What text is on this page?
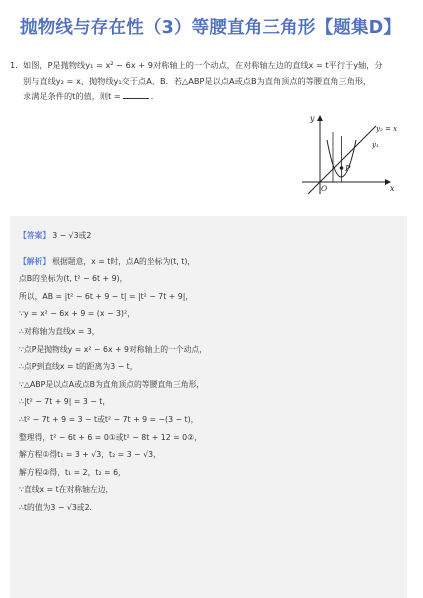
抛物线与存在性（3）等腰直角三角形【题集D】
1. 如图，P是抛物线y₁ = x² − 6x + 9对称轴上的一个动点，在对称轴左边的直线x = t平行于y轴，分
别与直线y₂ = x、抛物线y₁交于点A、B．若△ABP是以点A或点B为直角顶点的等腰直角三角形，
求满足条件的t的值，则t =	．
y
x
O
y₂ = x
y₁
P
【答案】 3 − √3或2
【解析】 根据题意，x = t时，点A的坐标为(t, t)，
点B的坐标为(t, t² − 6t + 9)，
所以，AB = |t² − 6t + 9 − t| = |t² − 7t + 9|，
∵y = x² − 6x + 9 = (x − 3)²，
∴对称轴为直线x = 3，
∵点P是抛物线y = x² − 6x + 9对称轴上的一个动点，
∴点P到直线x = t的距离为3 − t，
∵△ABP是以点A或点B为直角顶点的等腰直角三角形，
∴|t² − 7t + 9| = 3 − t，
∴t² − 7t + 9 = 3 − t或t² − 7t + 9 = −(3 − t)，
整理得，t² − 6t + 6 = 0①或t² − 8t + 12 = 0②，
解方程①得t₁ = 3 + √3，t₂ = 3 − √3，
解方程②得，t₁ = 2，t₂ = 6，
∵直线x = t在对称轴左边，
∴t的值为3 − √3或2．
